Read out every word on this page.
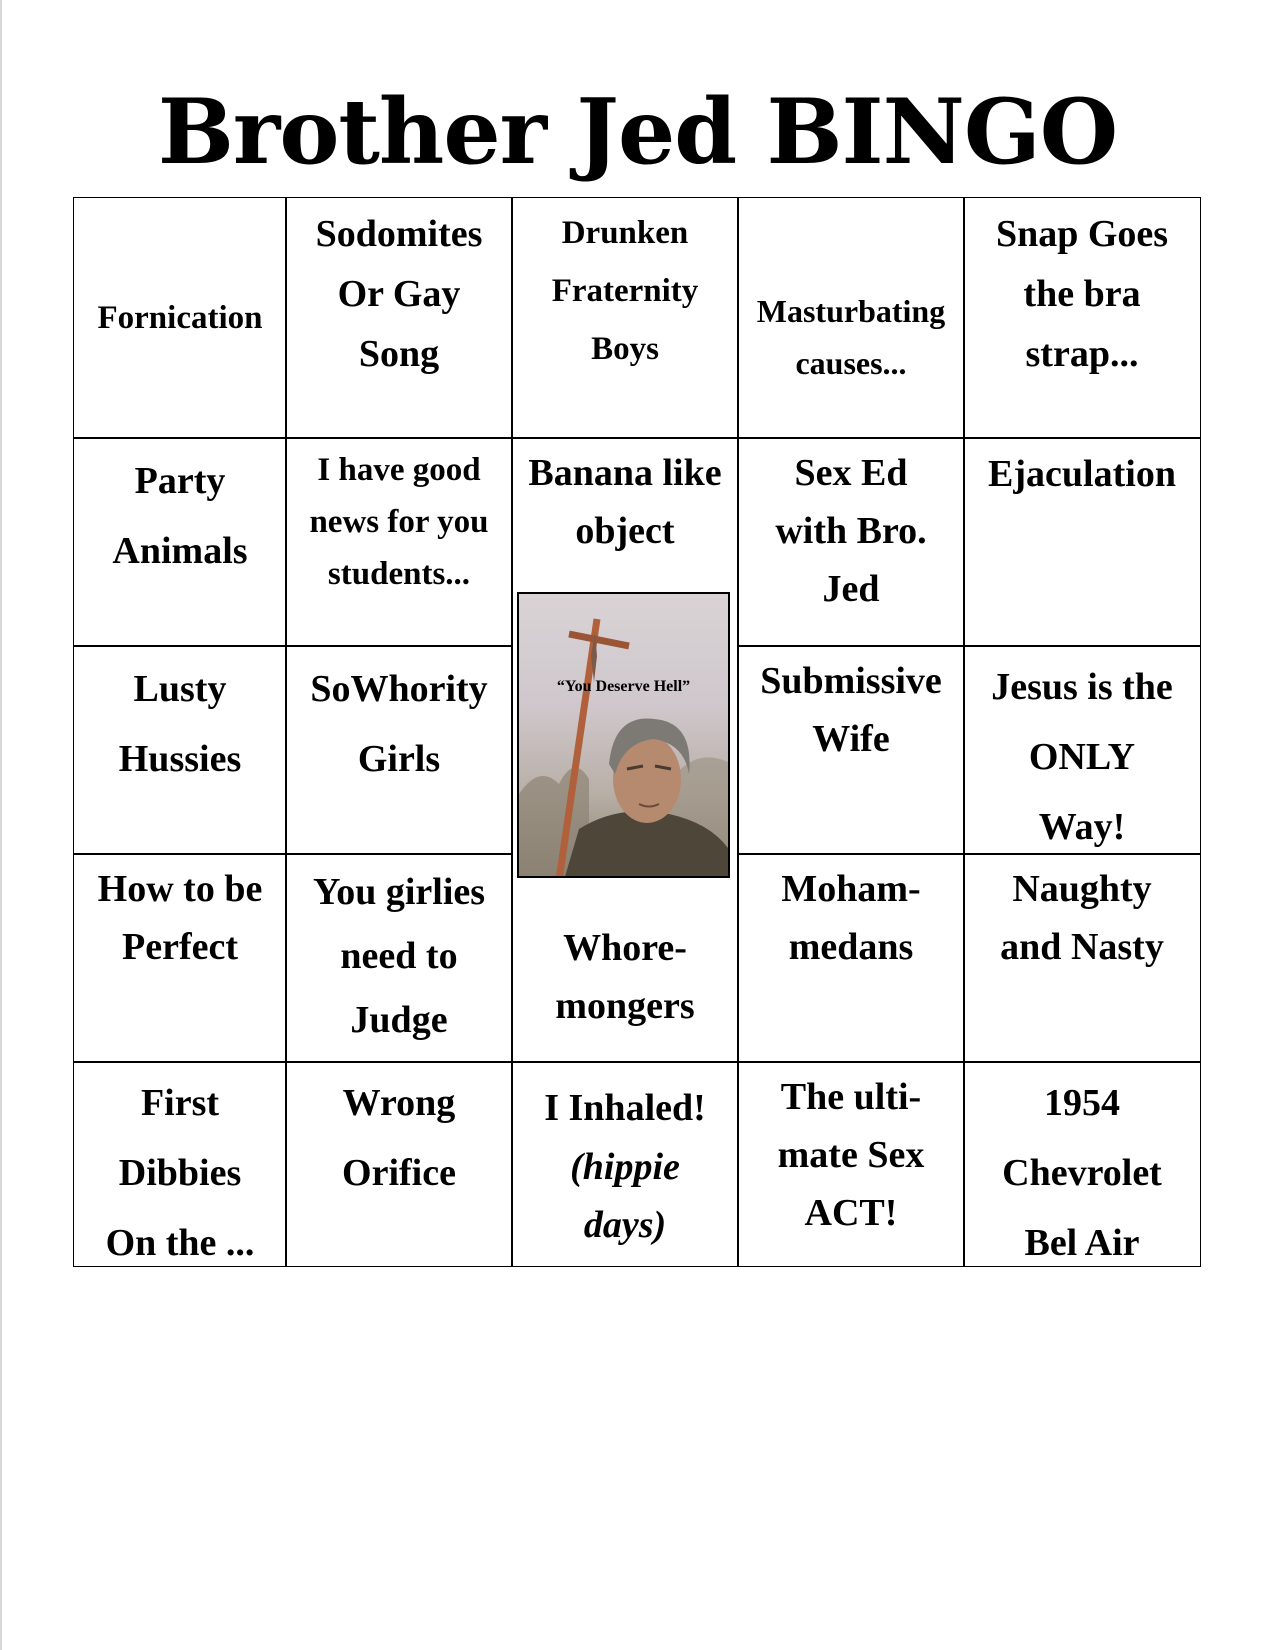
Brother Jed BINGO
Fornication
Sodomites
Or Gay
Song
Drunken
Fraternity
Boys
Masturbating
causes...
Snap Goes
the bra
strap...
Party
Animals
I have good
news for you
students...
Banana like
object
Sex Ed
with Bro.
Jed
Ejaculation
Lusty
Hussies
SoWhority
Girls
Submissive
Wife
Jesus is the
ONLY
Way!
How to be
Perfect
You girlies
need to
Judge
Whore-
mongers
Moham-
medans
Naughty
and Nasty
First
Dibbies
On the ...
Wrong
Orifice
I Inhaled!
(hippie
days)
The ulti-
mate Sex
ACT!
1954
Chevrolet
Bel Air
“You Deserve Hell”
